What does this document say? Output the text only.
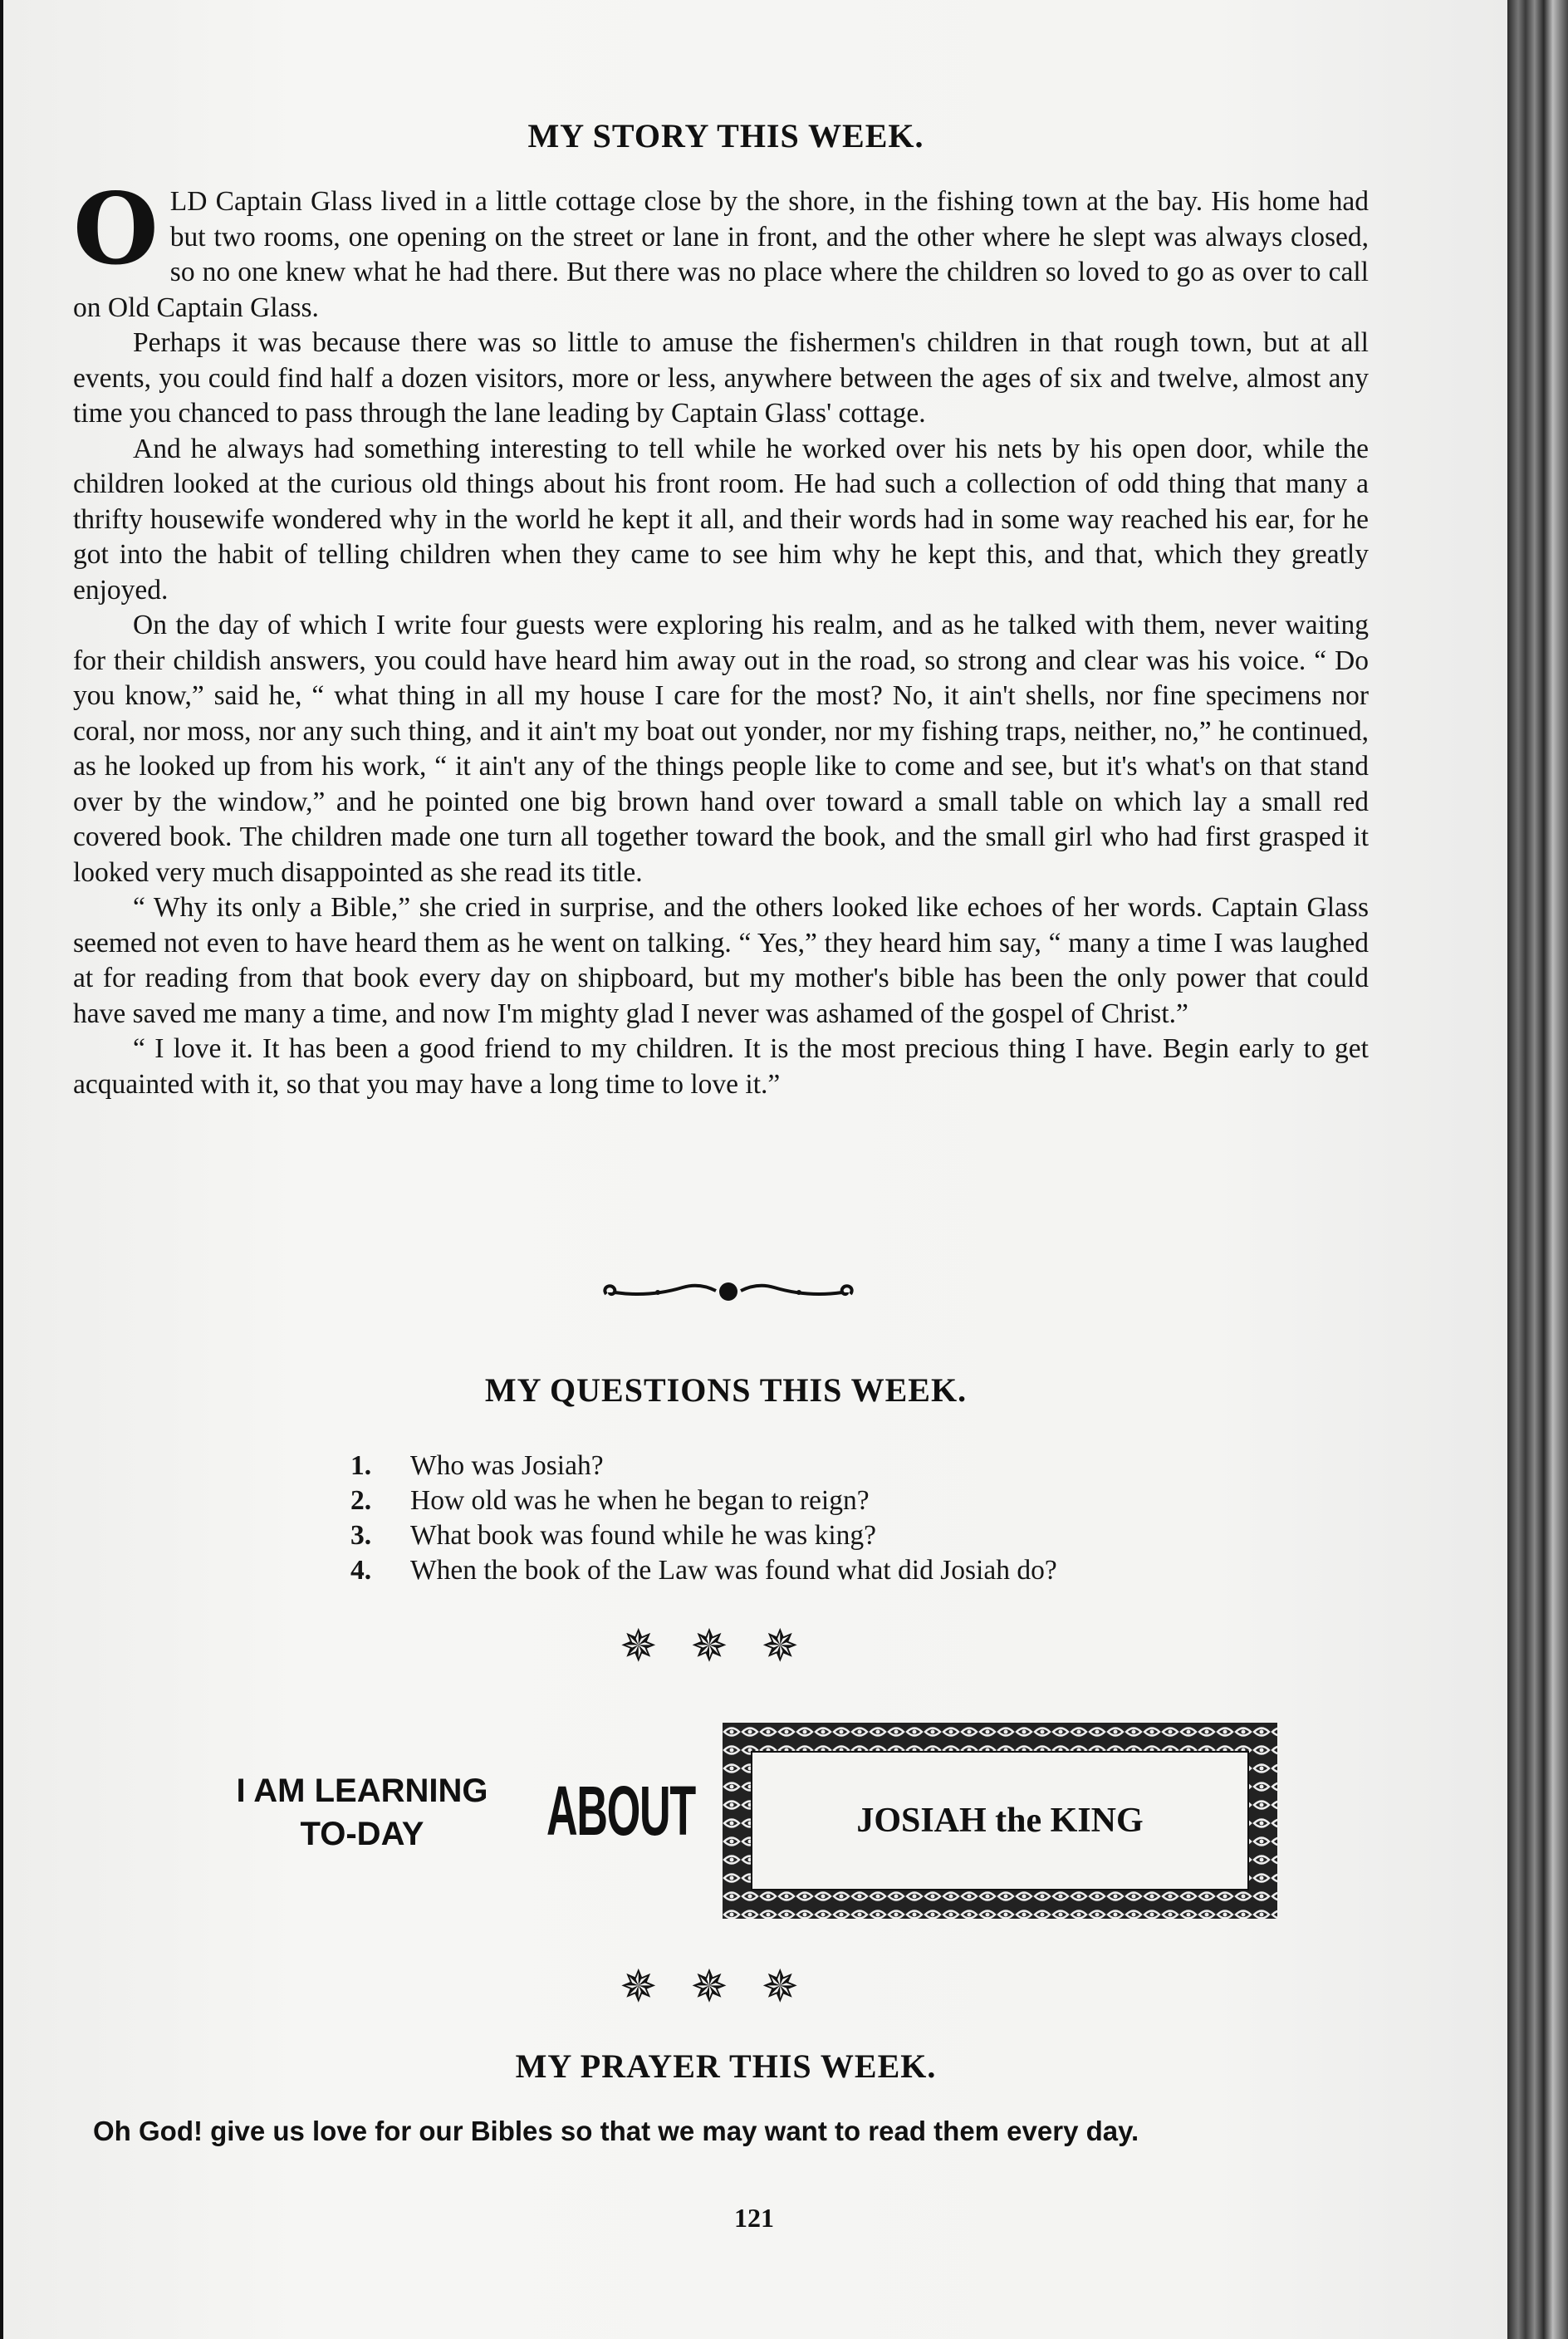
MY STORY THIS WEEK.

OLD Captain Glass lived in a little cottage close by the shore, in the fishing town at the bay. His home had but two rooms, one opening on the street or lane in front, and the other where he slept was always closed, so no one knew what he had there. But there was no place where the children so loved to go as over to call on Old Captain Glass.

Perhaps it was because there was so little to amuse the fishermen's children in that rough town, but at all events, you could find half a dozen visitors, more or less, anywhere between the ages of six and twelve, almost any time you chanced to pass through the lane leading by Captain Glass' cottage.

And he always had something interesting to tell while he worked over his nets by his open door, while the children looked at the curious old things about his front room. He had such a collection of odd thing that many a thrifty housewife wondered why in the world he kept it all, and their words had in some way reached his ear, for he got into the habit of telling children when they came to see him why he kept this, and that, which they greatly enjoyed.

On the day of which I write four guests were exploring his realm, and as he talked with them, never waiting for their childish answers, you could have heard him away out in the road, so strong and clear was his voice. “ Do you know,” said he, “ what thing in all my house I care for the most? No, it ain't shells, nor fine specimens nor coral, nor moss, nor any such thing, and it ain't my boat out yonder, nor my fishing traps, neither, no,” he continued, as he looked up from his work, “ it ain't any of the things people like to come and see, but it's what's on that stand over by the window,” and he pointed one big brown hand over toward a small table on which lay a small red covered book. The children made one turn all together toward the book, and the small girl who had first grasped it looked very much disappointed as she read its title.

“ Why its only a Bible,” she cried in surprise, and the others looked like echoes of her words. Captain Glass seemed not even to have heard them as he went on talking. “ Yes,” they heard him say, “ many a time I was laughed at for reading from that book every day on shipboard, but my mother's bible has been the only power that could have saved me many a time, and now I'm mighty glad I never was ashamed of the gospel of Christ.”

“ I love it. It has been a good friend to my children. It is the most precious thing I have. Begin early to get acquainted with it, so that you may have a long time to love it.”

MY QUESTIONS THIS WEEK.
1.	Who was Josiah?
2.	How old was he when he began to reign?
3.	What book was found while he was king?
4.	When the book of the Law was found what did Josiah do?
✵✵✵
I AM LEARNING
TO-DAY	ABOUT	JOSIAH the KING
✵✵✵
MY PRAYER THIS WEEK.
Oh God! give us love for our Bibles so that we may want to read them every day.
121
